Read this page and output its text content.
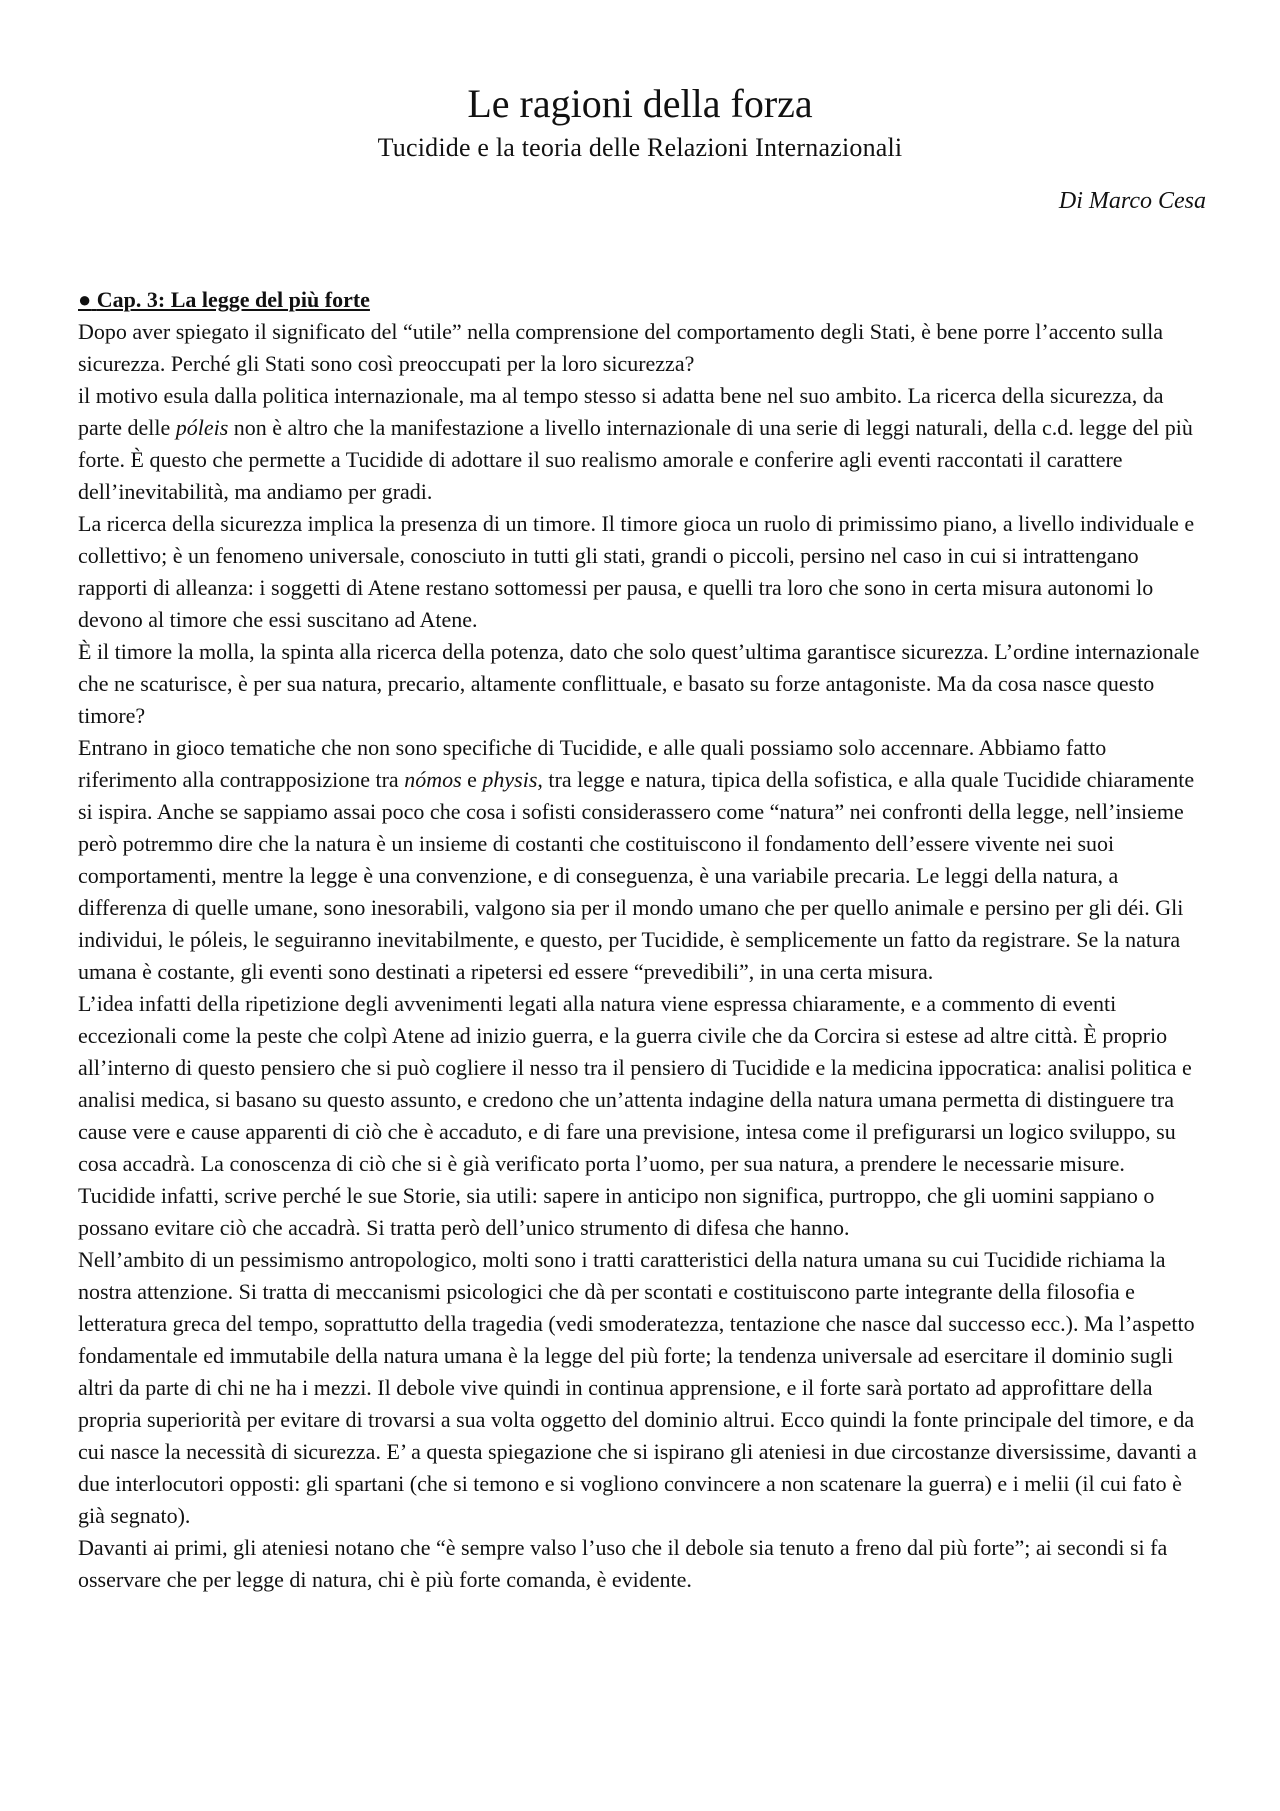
Le ragioni della forza
Tucidide e la teoria delle Relazioni Internazionali

Di Marco Cesa

● Cap. 3: La legge del più forte

Dopo aver spiegato il significato del “utile” nella comprensione del comportamento degli Stati, è bene porre l’accento sulla sicurezza. Perché gli Stati sono così preoccupati per la loro sicurezza?

il motivo esula dalla politica internazionale, ma al tempo stesso si adatta bene nel suo ambito. La ricerca della sicurezza, da parte delle póleis non è altro che la manifestazione a livello internazionale di una serie di leggi naturali, della c.d. legge del più forte. È questo che permette a Tucidide di adottare il suo realismo amorale e conferire agli eventi raccontati il carattere dell’inevitabilità, ma andiamo per gradi.

La ricerca della sicurezza implica la presenza di un timore. Il timore gioca un ruolo di primissimo piano, a livello individuale e collettivo; è un fenomeno universale, conosciuto in tutti gli stati, grandi o piccoli, persino nel caso in cui si intrattengano rapporti di alleanza: i soggetti di Atene restano sottomessi per pausa, e quelli tra loro che sono in certa misura autonomi lo devono al timore che essi suscitano ad Atene.

È il timore la molla, la spinta alla ricerca della potenza, dato che solo quest’ultima garantisce sicurezza. L’ordine internazionale che ne scaturisce, è per sua natura, precario, altamente conflittuale, e basato su forze antagoniste. Ma da cosa nasce questo timore?

Entrano in gioco tematiche che non sono specifiche di Tucidide, e alle quali possiamo solo accennare. Abbiamo fatto riferimento alla contrapposizione tra nómos e physis, tra legge e natura, tipica della sofistica, e alla quale Tucidide chiaramente si ispira. Anche se sappiamo assai poco che cosa i sofisti considerassero come “natura” nei confronti della legge, nell’insieme però potremmo dire che la natura è un insieme di costanti che costituiscono il fondamento dell’essere vivente nei suoi comportamenti, mentre la legge è una convenzione, e di conseguenza, è una variabile precaria. Le leggi della natura, a differenza di quelle umane, sono inesorabili, valgono sia per il mondo umano che per quello animale e persino per gli déi. Gli individui, le póleis, le seguiranno inevitabilmente, e questo, per Tucidide, è semplicemente un fatto da registrare. Se la natura umana è costante, gli eventi sono destinati a ripetersi ed essere “prevedibili”, in una certa misura.

L’idea infatti della ripetizione degli avvenimenti legati alla natura viene espressa chiaramente, e a commento di eventi eccezionali come la peste che colpì Atene ad inizio guerra, e la guerra civile che da Corcira si estese ad altre città. È proprio all’interno di questo pensiero che si può cogliere il nesso tra il pensiero di Tucidide e la medicina ippocratica: analisi politica e analisi medica, si basano su questo assunto, e credono che un’attenta indagine della natura umana permetta di distinguere tra cause vere e cause apparenti di ciò che è accaduto, e di fare una previsione, intesa come il prefigurarsi un logico sviluppo, su cosa accadrà. La conoscenza di ciò che si è già verificato porta l’uomo, per sua natura, a prendere le necessarie misure.

Tucidide infatti, scrive perché le sue Storie, sia utili: sapere in anticipo non significa, purtroppo, che gli uomini sappiano o possano evitare ciò che accadrà. Si tratta però dell’unico strumento di difesa che hanno.

Nell’ambito di un pessimismo antropologico, molti sono i tratti caratteristici della natura umana su cui Tucidide richiama la nostra attenzione. Si tratta di meccanismi psicologici che dà per scontati e costituiscono parte integrante della filosofia e letteratura greca del tempo, soprattutto della tragedia (vedi smoderatezza, tentazione che nasce dal successo ecc.). Ma l’aspetto fondamentale ed immutabile della natura umana è la legge del più forte; la tendenza universale ad esercitare il dominio sugli altri da parte di chi ne ha i mezzi. Il debole vive quindi in continua apprensione, e il forte sarà portato ad approfittare della propria superiorità per evitare di trovarsi a sua volta oggetto del dominio altrui. Ecco quindi la fonte principale del timore, e da cui nasce la necessità di sicurezza. E’ a questa spiegazione che si ispirano gli ateniesi in due circostanze diversissime, davanti a due interlocutori opposti: gli spartani (che si temono e si vogliono convincere a non scatenare la guerra) e i melii (il cui fato è già segnato).

Davanti ai primi, gli ateniesi notano che “è sempre valso l’uso che il debole sia tenuto a freno dal più forte”; ai secondi si fa osservare che per legge di natura, chi è più forte comanda, è evidente.
